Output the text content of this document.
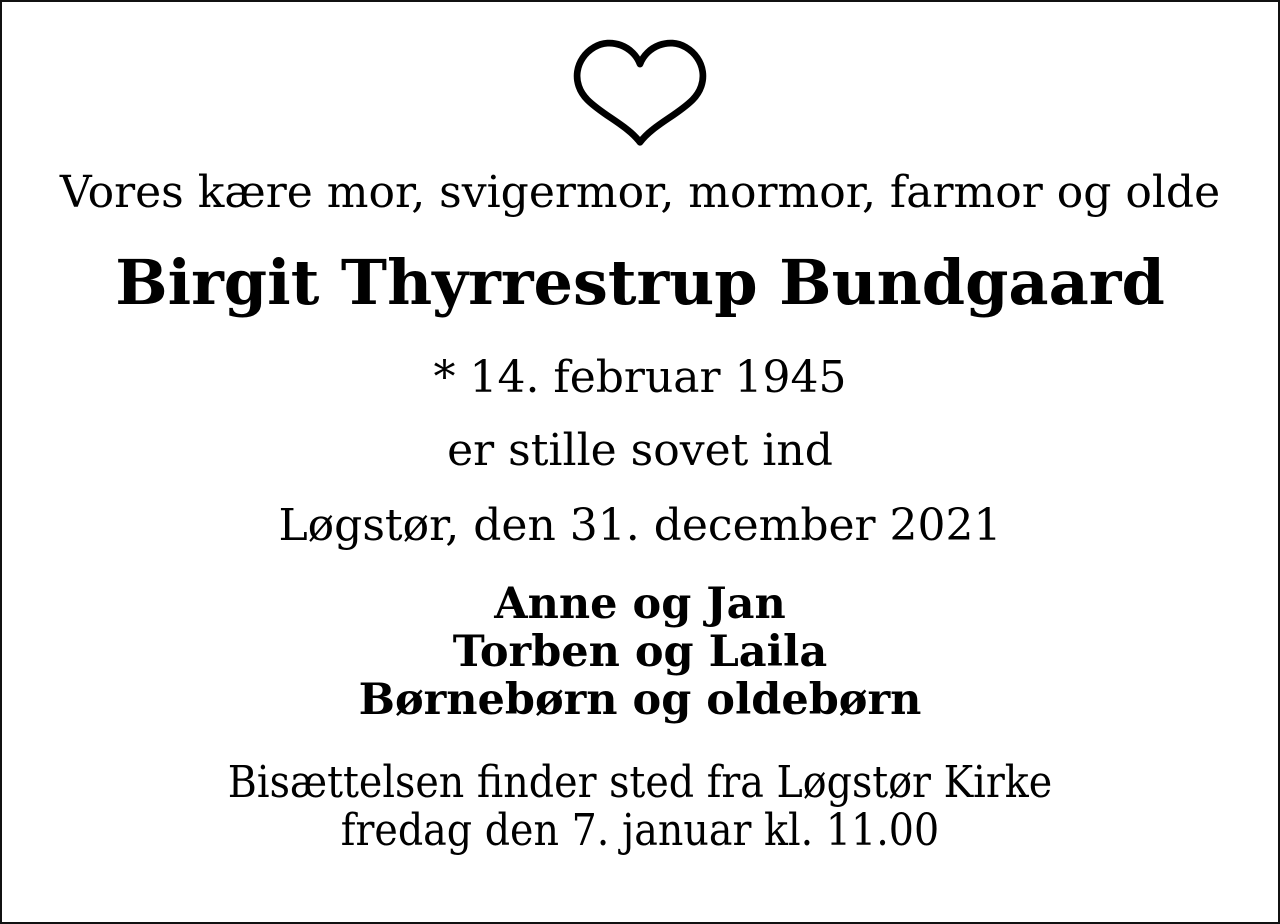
Vores kære mor, svigermor, mormor, farmor og olde
Birgit Thyrrestrup Bundgaard
* 14. februar 1945
er stille sovet ind
Løgstør, den 31. december 2021
Anne og Jan
Torben og Laila
Børnebørn og oldebørn
Bisættelsen finder sted fra Løgstør Kirke
fredag den 7. januar kl. 11.00
